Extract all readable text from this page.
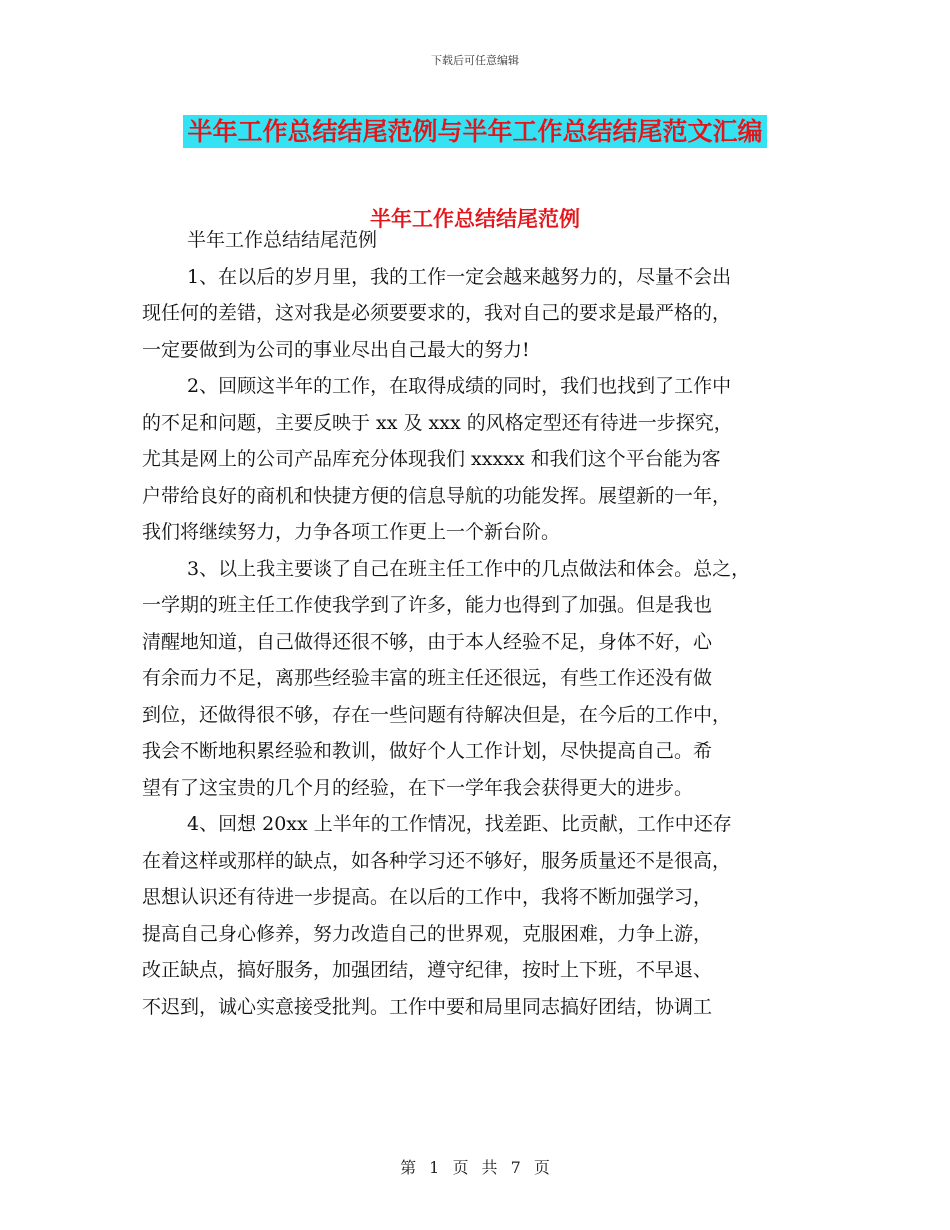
下载后可任意编辑
半年工作总结结尾范例与半年工作总结结尾范文汇编
半年工作总结结尾范例
半年工作总结结尾范例
1、在以后的岁月里，我的工作一定会越来越努力的，尽量不会出
现任何的差错，这对我是必须要要求的，我对自己的要求是最严格的，
一定要做到为公司的事业尽出自己最大的努力!
2、回顾这半年的工作，在取得成绩的同时，我们也找到了工作中
的不足和问题，主要反映于 xx 及 xxx 的风格定型还有待进一步探究，
尤其是网上的公司产品库充分体现我们 xxxxx 和我们这个平台能为客
户带给良好的商机和快捷方便的信息导航的功能发挥。展望新的一年，
我们将继续努力，力争各项工作更上一个新台阶。
3、以上我主要谈了自己在班主任工作中的几点做法和体会。总之，
一学期的班主任工作使我学到了许多，能力也得到了加强。但是我也
清醒地知道，自己做得还很不够，由于本人经验不足，身体不好，心
有余而力不足，离那些经验丰富的班主任还很远，有些工作还没有做
到位，还做得很不够，存在一些问题有待解决但是，在今后的工作中，
我会不断地积累经验和教训，做好个人工作计划，尽快提高自己。希
望有了这宝贵的几个月的经验，在下一学年我会获得更大的进步。
4、回想 20xx 上半年的工作情况，找差距、比贡献，工作中还存
在着这样或那样的缺点，如各种学习还不够好，服务质量还不是很高，
思想认识还有待进一步提高。在以后的工作中，我将不断加强学习，
提高自己身心修养，努力改造自己的世界观，克服困难，力争上游，
改正缺点，搞好服务，加强团结，遵守纪律，按时上下班，不早退、
不迟到，诚心实意接受批判。工作中要和局里同志搞好团结，协调工
第 1 页 共 7 页
